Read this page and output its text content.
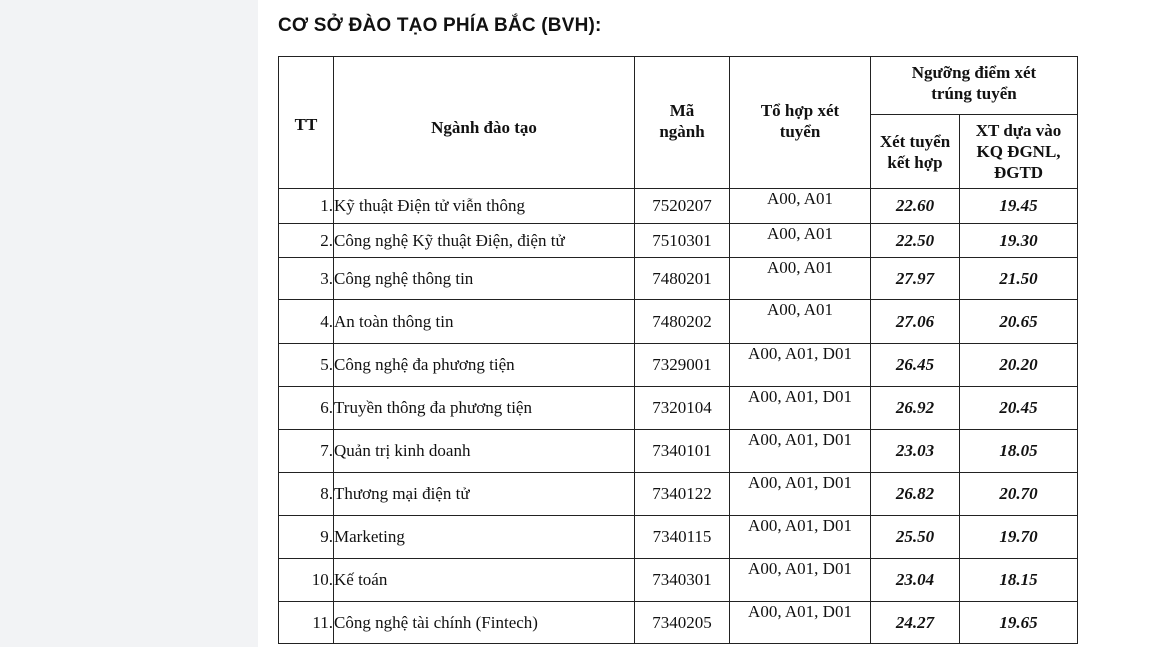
CƠ SỞ ĐÀO TẠO PHÍA BẮC (BVH):
TT	Ngành đào tạo	Mã ngành	Tổ hợp xét tuyển	Ngưỡng điểm xét trúng tuyển	
				Xét tuyển kết hợp	XT dựa vào KQ ĐGNL, ĐGTD
1.	Kỹ thuật Điện tử viễn thông	7520207	A00, A01	22.60	19.45
2.	Công nghệ Kỹ thuật Điện, điện tử	7510301	A00, A01	22.50	19.30
3.	Công nghệ thông tin	7480201	A00, A01	27.97	21.50
4.	An toàn thông tin	7480202	A00, A01	27.06	20.65
5.	Công nghệ đa phương tiện	7329001	A00, A01, D01	26.45	20.20
6.	Truyền thông đa phương tiện	7320104	A00, A01, D01	26.92	20.45
7.	Quản trị kinh doanh	7340101	A00, A01, D01	23.03	18.05
8.	Thương mại điện tử	7340122	A00, A01, D01	26.82	20.70
9.	Marketing	7340115	A00, A01, D01	25.50	19.70
10.	Kế toán	7340301	A00, A01, D01	23.04	18.15
11.	Công nghệ tài chính (Fintech)	7340205	A00, A01, D01	24.27	19.65
